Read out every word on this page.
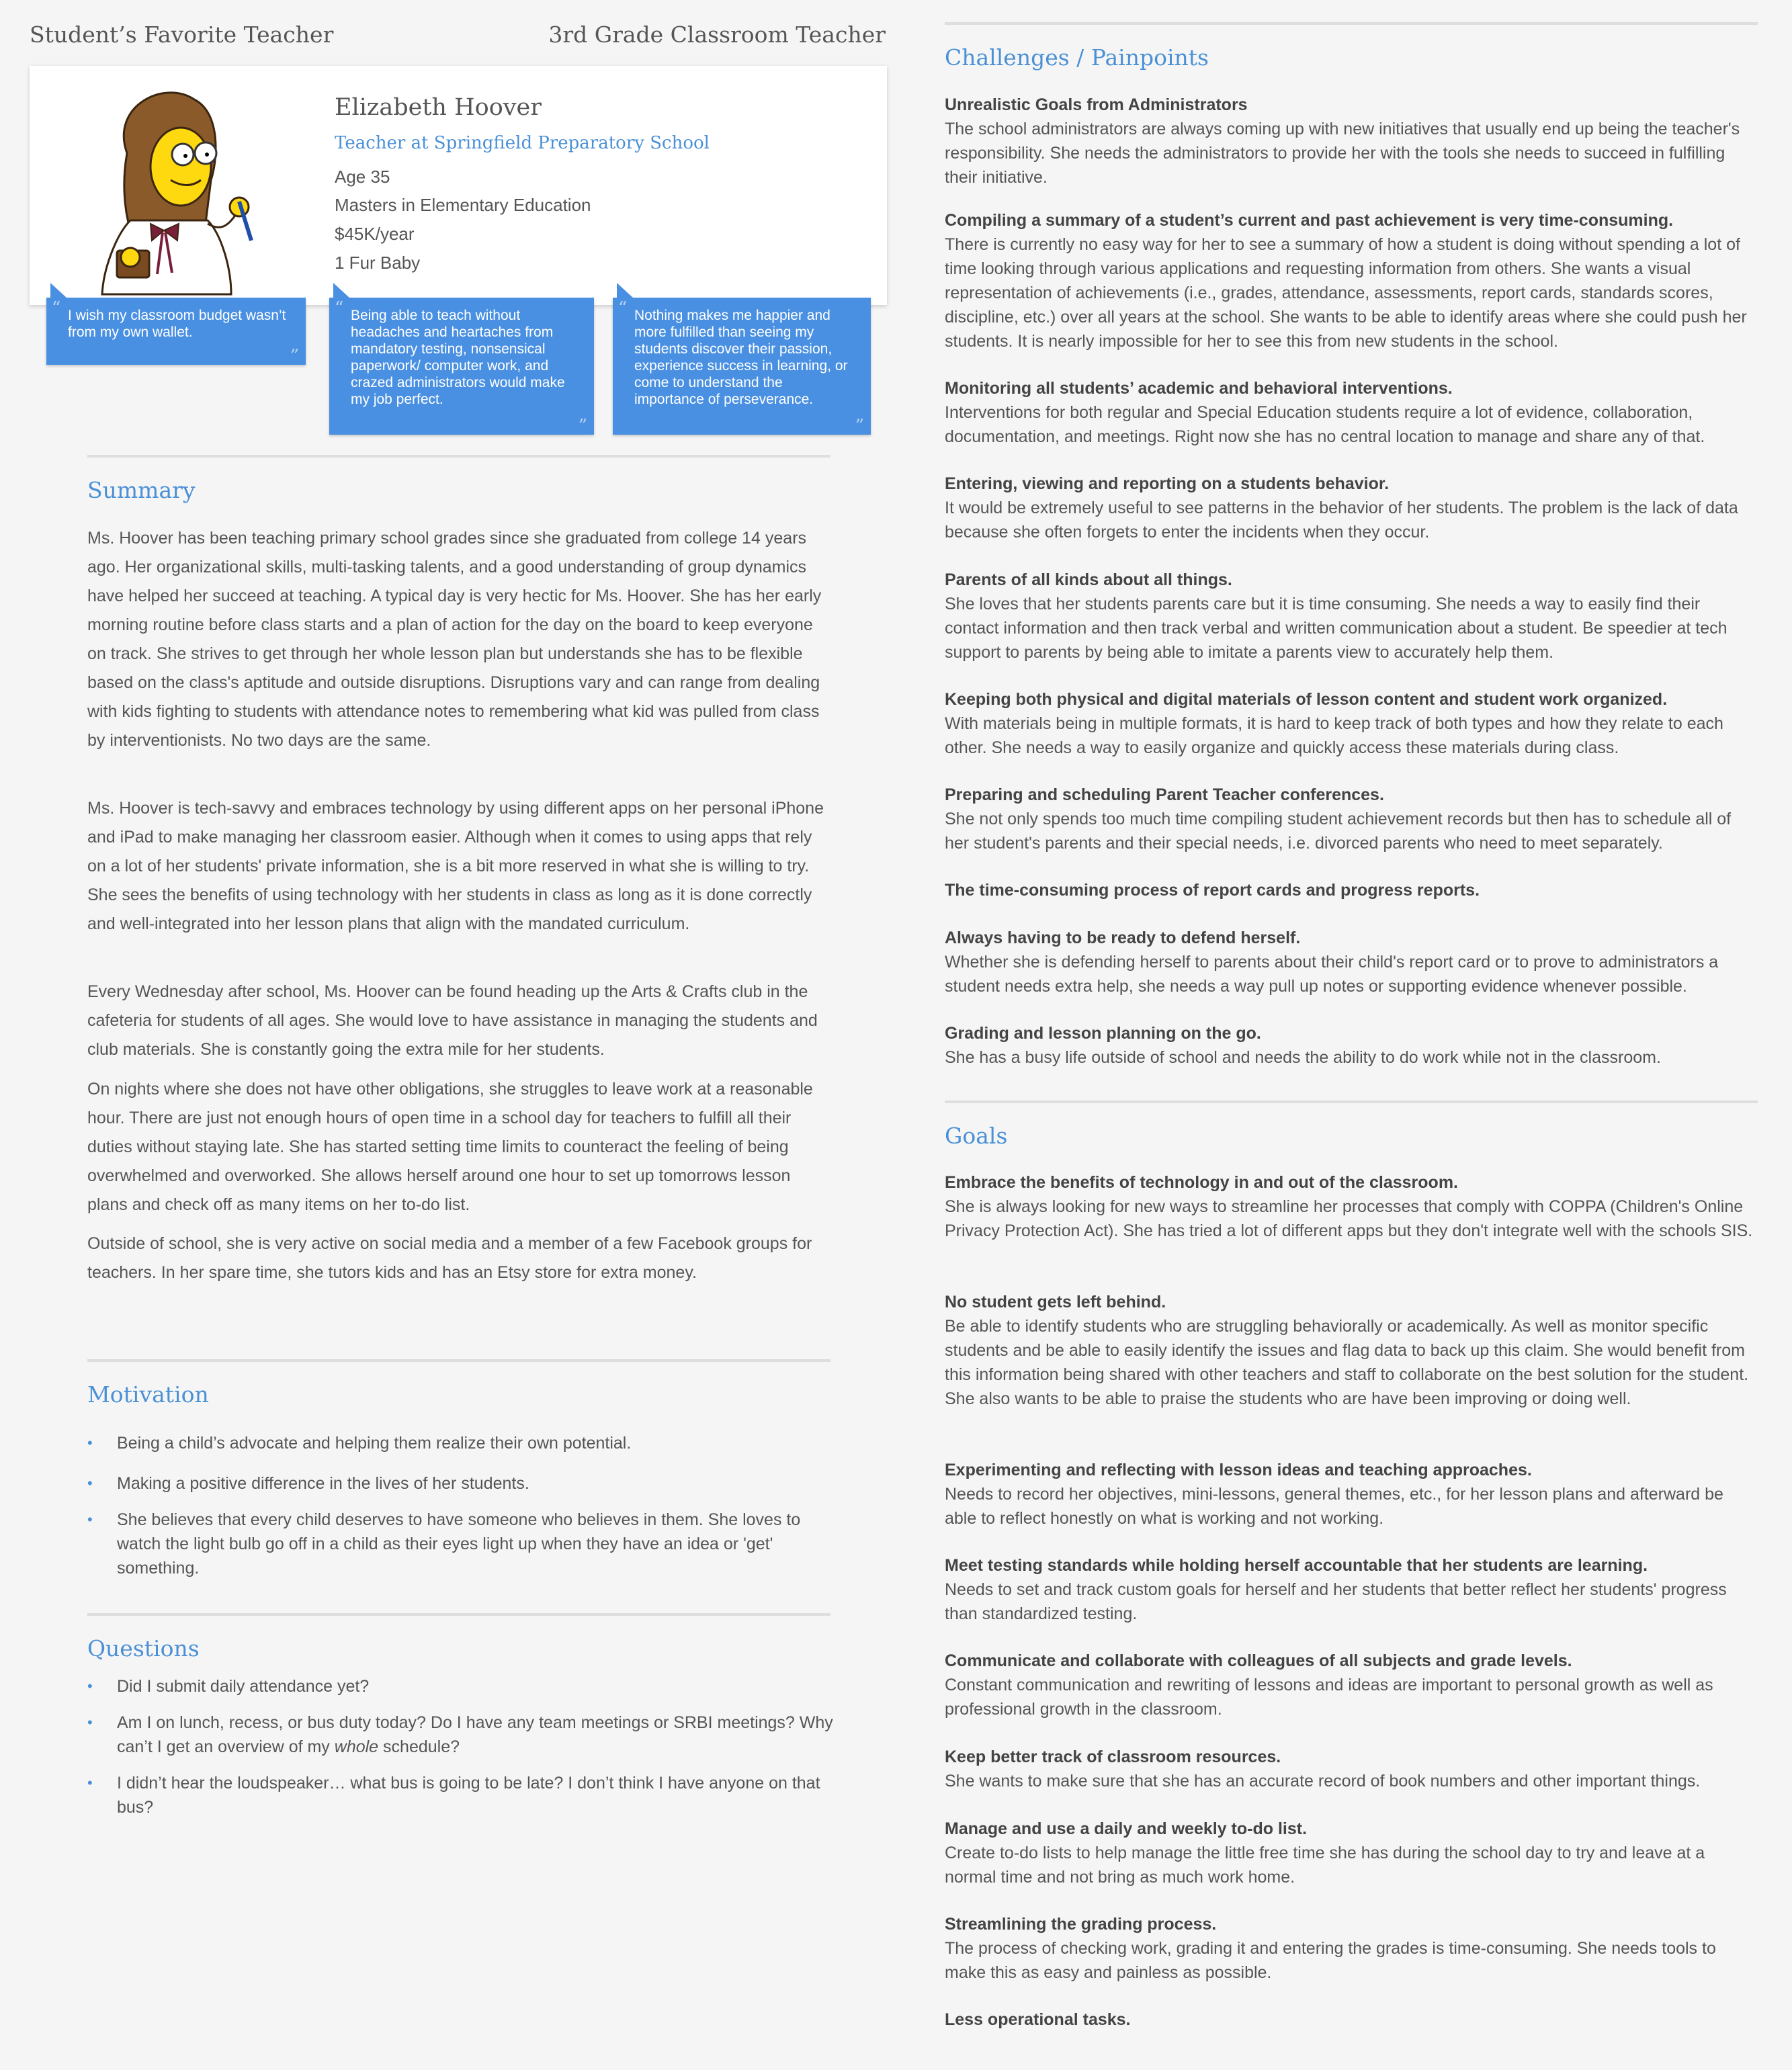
Student’s Favorite Teacher	3rd Grade Classroom Teacher
Elizabeth Hoover
Teacher at Springfield Preparatory School
Age 35
Masters in Elementary Education
$45K/year
1 Fur Baby
“ I wish my classroom budget wasn’t from my own wallet.
”
“ Being able to teach without headaches and heartaches from mandatory testing, nonsensical paperwork/ computer work, and crazed administrators would make my job perfect.
”
“ Nothing makes me happier and more fulfilled than seeing my students discover their passion, experience success in learning, or come to understand the importance of perseverance.
”
Summary

Ms. Hoover has been teaching primary school grades since she graduated from college 14 years ago. Her organizational skills, multi-tasking talents, and a good understanding of group dynamics have helped her succeed at teaching. A typical day is very hectic for Ms. Hoover. She has her early morning routine before class starts and a plan of action for the day on the board to keep everyone on track. She strives to get through her whole lesson plan but understands she has to be flexible based on the class's aptitude and outside disruptions. Disruptions vary and can range from dealing with kids fighting to students with attendance notes to remembering what kid was pulled from class by interventionists. No two days are the same.

Ms. Hoover is tech-savvy and embraces technology by using different apps on her personal iPhone and iPad to make managing her classroom easier. Although when it comes to using apps that rely on a lot of her students' private information, she is a bit more reserved in what she is willing to try. She sees the benefits of using technology with her students in class as long as it is done correctly and well-integrated into her lesson plans that align with the mandated curriculum.

Every Wednesday after school, Ms. Hoover can be found heading up the Arts & Crafts club in the cafeteria for students of all ages. She would love to have assistance in managing the students and club materials. She is constantly going the extra mile for her students.

On nights where she does not have other obligations, she struggles to leave work at a reasonable hour. There are just not enough hours of open time in a school day for teachers to fulfill all their duties without staying late. She has started setting time limits to counteract the feeling of being overwhelmed and overworked. She allows herself around one hour to set up tomorrows lesson plans and check off as many items on her to-do list.

Outside of school, she is very active on social media and a member of a few Facebook groups for teachers. In her spare time, she tutors kids and has an Etsy store for extra money.

Motivation
• Being a child’s advocate and helping them realize their own potential.
• Making a positive difference in the lives of her students.
• She believes that every child deserves to have someone who believes in them. She loves to watch the light bulb go off in a child as their eyes light up when they have an idea or 'get' something.
Questions
• Did I submit daily attendance yet?
• Am I on lunch, recess, or bus duty today? Do I have any team meetings or SRBI meetings? Why can’t I get an overview of my whole schedule?
• I didn’t hear the loudspeaker… what bus is going to be late? I don’t think I have anyone on that bus?
Challenges / Painpoints
Unrealistic Goals from Administrators
The school administrators are always coming up with new initiatives that usually end up being the teacher's responsibility. She needs the administrators to provide her with the tools she needs to succeed in fulfilling their initiative.
Compiling a summary of a student’s current and past achievement is very time-consuming.
There is currently no easy way for her to see a summary of how a student is doing without spending a lot of time looking through various applications and requesting information from others. She wants a visual representation of achievements (i.e., grades, attendance, assessments, report cards, standards scores, discipline, etc.) over all years at the school. She wants to be able to identify areas where she could push her students. It is nearly impossible for her to see this from new students in the school.
Monitoring all students’ academic and behavioral interventions.
Interventions for both regular and Special Education students require a lot of evidence, collaboration, documentation, and meetings. Right now she has no central location to manage and share any of that.
Entering, viewing and reporting on a students behavior.
It would be extremely useful to see patterns in the behavior of her students. The problem is the lack of data because she often forgets to enter the incidents when they occur.
Parents of all kinds about all things.
She loves that her students parents care but it is time consuming. She needs a way to easily find their contact information and then track verbal and written communication about a student. Be speedier at tech support to parents by being able to imitate a parents view to accurately help them.
Keeping both physical and digital materials of lesson content and student work organized.
With materials being in multiple formats, it is hard to keep track of both types and how they relate to each other. She needs a way to easily organize and quickly access these materials during class.
Preparing and scheduling Parent Teacher conferences.
She not only spends too much time compiling student achievement records but then has to schedule all of her student's parents and their special needs, i.e. divorced parents who need to meet separately.
The time-consuming process of report cards and progress reports.
Always having to be ready to defend herself.
Whether she is defending herself to parents about their child's report card or to prove to administrators a student needs extra help, she needs a way pull up notes or supporting evidence whenever possible.
Grading and lesson planning on the go.
She has a busy life outside of school and needs the ability to do work while not in the classroom.
Goals
Embrace the benefits of technology in and out of the classroom.
She is always looking for new ways to streamline her processes that comply with COPPA (Children's Online Privacy Protection Act). She has tried a lot of different apps but they don't integrate well with the schools SIS.
No student gets left behind.
Be able to identify students who are struggling behaviorally or academically. As well as monitor specific students and be able to easily identify the issues and flag data to back up this claim. She would benefit from this information being shared with other teachers and staff to collaborate on the best solution for the student. She also wants to be able to praise the students who are have been improving or doing well.
Experimenting and reflecting with lesson ideas and teaching approaches.
Needs to record her objectives, mini-lessons, general themes, etc., for her lesson plans and afterward be able to reflect honestly on what is working and not working.
Meet testing standards while holding herself accountable that her students are learning.
Needs to set and track custom goals for herself and her students that better reflect her students' progress than standardized testing.
Communicate and collaborate with colleagues of all subjects and grade levels.
Constant communication and rewriting of lessons and ideas are important to personal growth as well as professional growth in the classroom.
Keep better track of classroom resources.
She wants to make sure that she has an accurate record of book numbers and other important things.
Manage and use a daily and weekly to-do list.
Create to-do lists to help manage the little free time she has during the school day to try and leave at a normal time and not bring as much work home.
Streamlining the grading process.
The process of checking work, grading it and entering the grades is time-consuming. She needs tools to make this as easy and painless as possible.
Less operational tasks.
